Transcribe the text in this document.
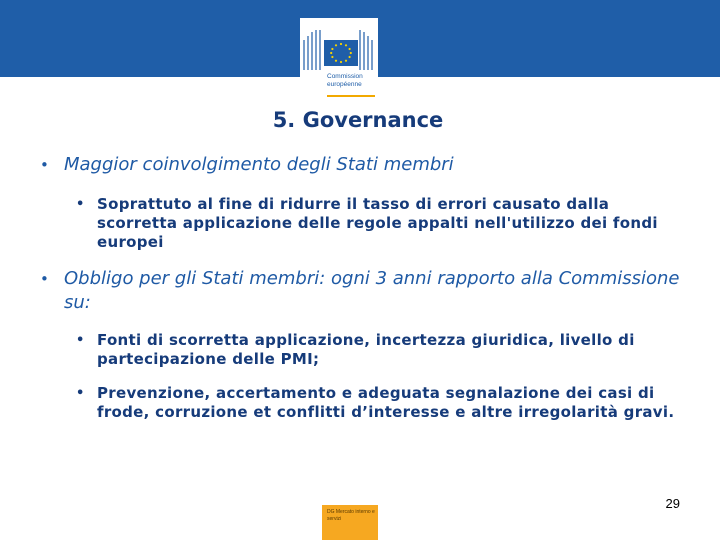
Commission européenne
5. Governance
• Maggior coinvolgimento degli Stati membri
• Soprattuto al fine di ridurre il tasso di errori causato dalla scorretta applicazione delle regole appalti nell'utilizzo dei fondi europei
• Obbligo per gli Stati membri: ogni 3 anni rapporto alla Commissione su:
• Fonti di scorretta applicazione, incertezza giuridica, livello di partecipazione delle PMI;
• Prevenzione, accertamento e adeguata segnalazione dei casi di frode, corruzione et conflitti d’interesse e altre irregolarità gravi.
29
DG Mercato interno e servizi
